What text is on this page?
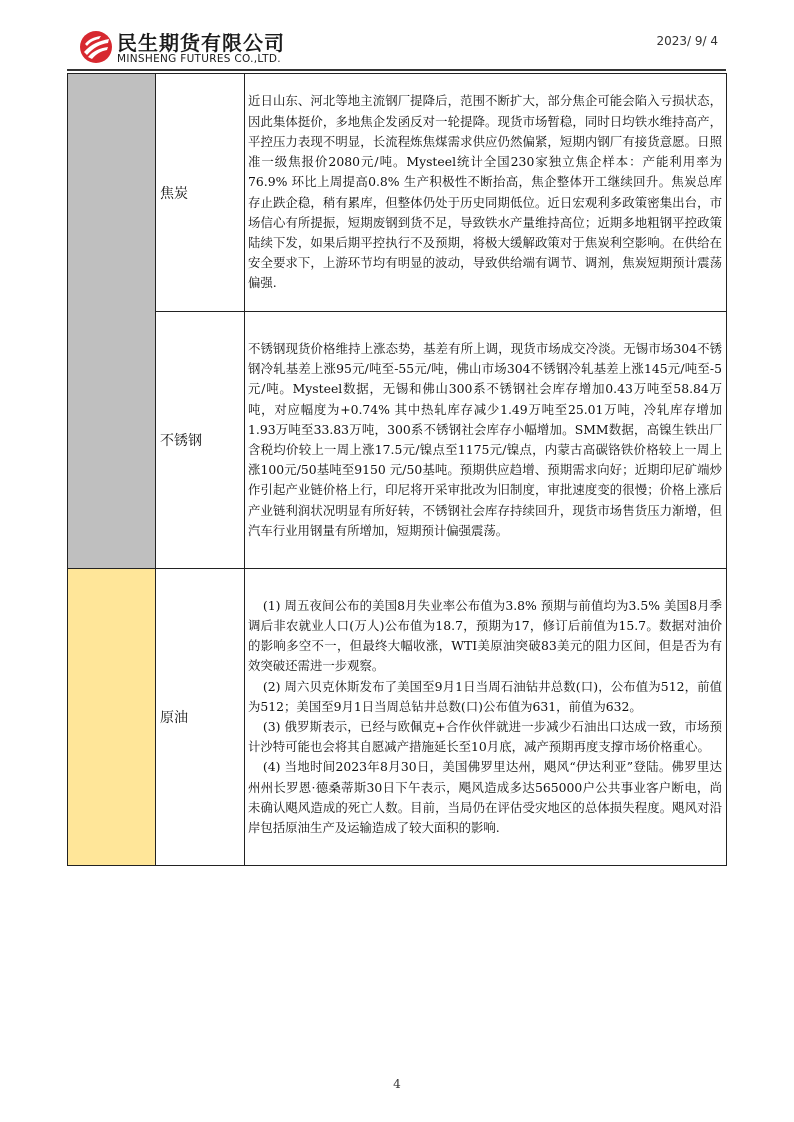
民生期货有限公司
MINSHENG FUTURES CO.,LTD.
2023/ 9/ 4
	焦炭	近日山东、河北等地主流钢厂提降后，范围不断扩大，部分焦企可能会陷入亏损状态，因此集体挺价，多地焦企发函反对一轮提降。现货市场暂稳，同时日均铁水维持高产，平控压力表现不明显，长流程炼焦煤需求供应仍然偏紧，短期内钢厂有接货意愿。日照准一级焦报价2080元/吨。Mysteel统计全国230家独立焦企样本：产能利用率为76.9% 环比上周提高0.8% 生产积极性不断抬高，焦企整体开工继续回升。焦炭总库存止跌企稳，稍有累库，但整体仍处于历史同期低位。近日宏观利多政策密集出台，市场信心有所提振，短期废钢到货不足，导致铁水产量维持高位；近期多地粗钢平控政策陆续下发，如果后期平控执行不及预期，将极大缓解政策对于焦炭利空影响。在供给在安全要求下，上游环节均有明显的波动，导致供给端有调节、调剂，焦炭短期预计震荡偏强.

	不锈钢	不锈钢现货价格维持上涨态势，基差有所上调，现货市场成交冷淡。无锡市场304不锈钢冷轧基差上涨95元/吨至-55元/吨，佛山市场304不锈钢冷轧基差上涨145元/吨至-5元/吨。Mysteel数据，无锡和佛山300系不锈钢社会库存增加0.43万吨至58.84万吨，对应幅度为+0.74% 其中热轧库存减少1.49万吨至25.01万吨，冷轧库存增加1.93万吨至33.83万吨，300系不锈钢社会库存小幅增加。SMM数据，高镍生铁出厂含税均价较上一周上涨17.5元/镍点至1175元/镍点，内蒙古高碳铬铁价格较上一周上涨100元/50基吨至9150 元/50基吨。预期供应趋增、预期需求向好；近期印尼矿端炒作引起产业链价格上行，印尼将开采审批改为旧制度，审批速度变的很慢；价格上涨后产业链利润状况明显有所好转，不锈钢社会库存持续回升，现货市场售货压力渐增，但汽车行业用钢量有所增加，短期预计偏强震荡。

	原油	(1) 周五夜间公布的美国8月失业率公布值为3.8% 预期与前值均为3.5% 美国8月季调后非农就业人口(万人)公布值为18.7，预期为17，修订后前值为15.7。数据对油价的影响多空不一，但最终大幅收涨，WTI美原油突破83美元的阻力区间，但是否为有效突破还需进一步观察。

(2) 周六贝克休斯发布了美国至9月1日当周石油钻井总数(口)，公布值为512，前值为512；美国至9月1日当周总钻井总数(口)公布值为631，前值为632。

(3) 俄罗斯表示，已经与欧佩克+合作伙伴就进一步减少石油出口达成一致，市场预计沙特可能也会将其自愿减产措施延长至10月底，减产预期再度支撑市场价格重心。

(4) 当地时间2023年8月30日，美国佛罗里达州，飓风“伊达利亚”登陆。佛罗里达州州长罗恩·德桑蒂斯30日下午表示，飓风造成多达565000户公共事业客户断电，尚未确认飓风造成的死亡人数。目前，当局仍在评估受灾地区的总体损失程度。飓风对沿岸包括原油生产及运输造成了较大面积的影响.

4
